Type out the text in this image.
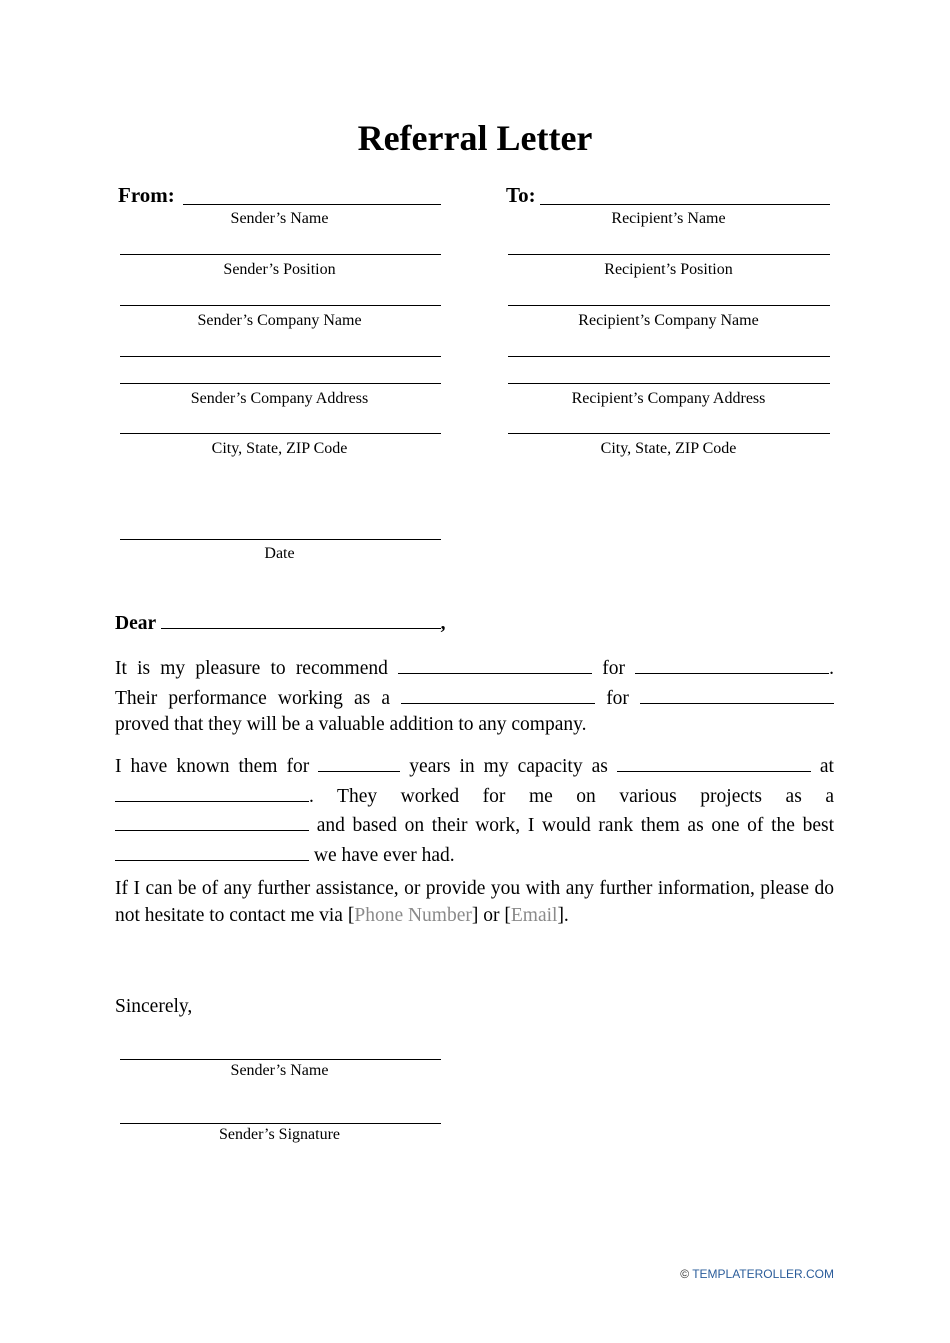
Referral Letter
From:
Sender’s Name
Sender’s Position
Sender’s Company Name
Sender’s Company Address
City, State, ZIP Code
Date
To:
Recipient’s Name
Recipient’s Position
Recipient’s Company Name
Recipient’s Company Address
City, State, ZIP Code
Dear	,
It is my pleasure to recommend	for	. Their performance working as a	for  proved that they will be a valuable addition to any company.
I have known them for	years in my capacity as	at . They worked for me on various projects as a  and based on their work, I would rank them as one of the best  we have ever had.
If I can be of any further assistance, or provide you with any further information, please do not hesitate to contact me via [Phone Number] or [Email].
Sincerely,
Sender’s Name
Sender’s Signature
© TEMPLATEROLLER.COM
